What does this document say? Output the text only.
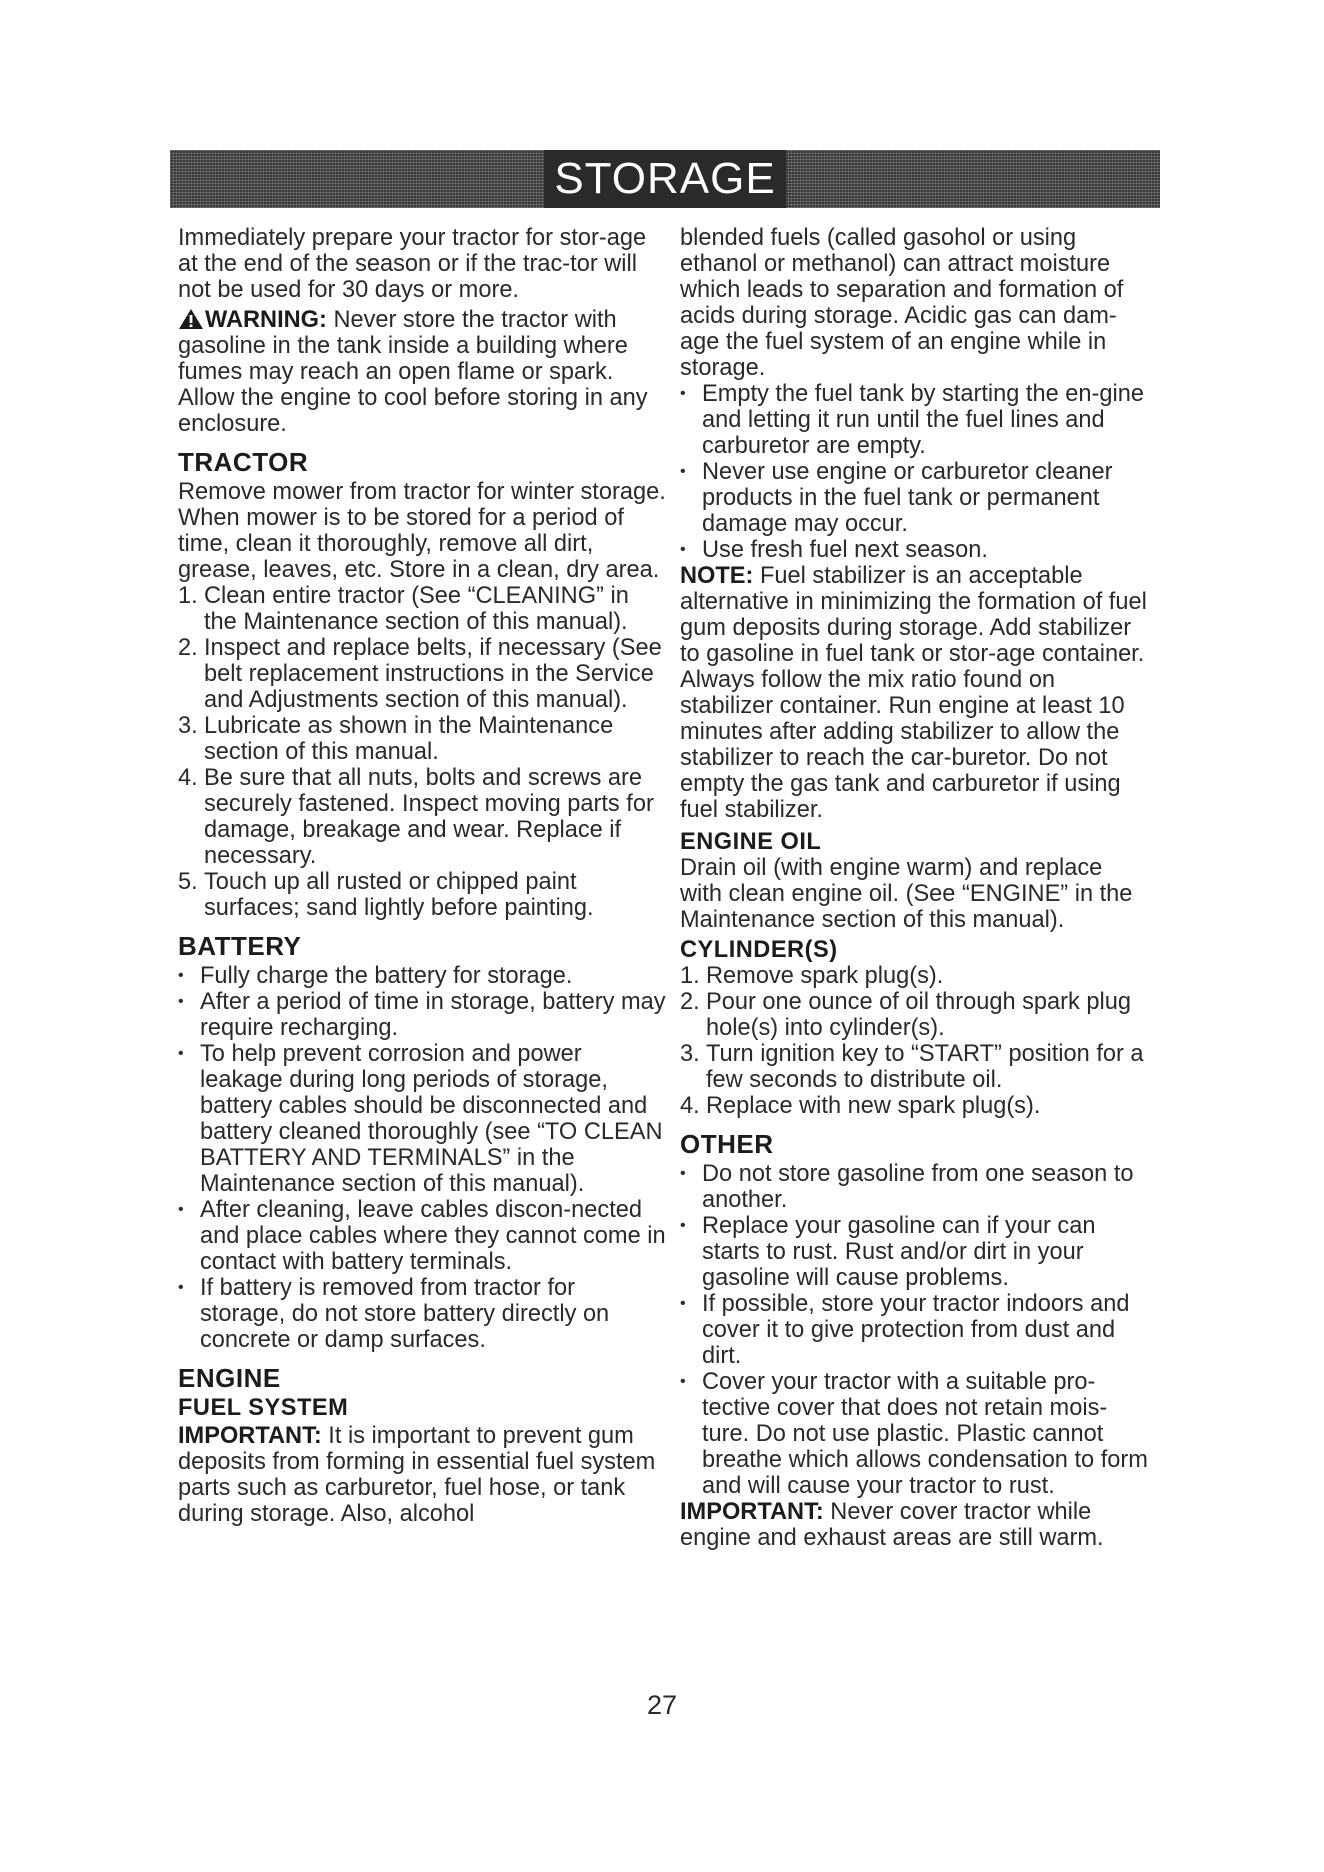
STORAGE

Immediately prepare your tractor for stor-age at the end of the season or if the trac-tor will not be used for 30 days or more.

WARNING: Never store the tractor with gasoline in the tank inside a building where fumes may reach an open flame or spark. Allow the engine to cool before storing in any enclosure.

TRACTOR

Remove mower from tractor for winter storage. When mower is to be stored for a period of time, clean it thoroughly, remove all dirt, grease, leaves, etc. Store in a clean, dry area.

1. Clean entire tractor (See “CLEANING” in the Maintenance section of this manual).
2. Inspect and replace belts, if necessary (See belt replacement instructions in the Service and Adjustments section of this manual).
3. Lubricate as shown in the Maintenance section of this manual.
4. Be sure that all nuts, bolts and screws are securely fastened. Inspect moving parts for damage, breakage and wear. Replace if necessary.
5. Touch up all rusted or chipped paint surfaces; sand lightly before painting.
BATTERY
• Fully charge the battery for storage.
• After a period of time in storage, battery may require recharging.
• To help prevent corrosion and power leakage during long periods of storage, battery cables should be disconnected and battery cleaned thoroughly (see “TO CLEAN BATTERY AND TERMINALS” in the Maintenance section of this manual).
• After cleaning, leave cables discon-nected and place cables where they cannot come in contact with battery terminals.
• If battery is removed from tractor for storage, do not store battery directly on concrete or damp surfaces.
ENGINE
FUEL SYSTEM

IMPORTANT: It is important to prevent gum deposits from forming in essential fuel system parts such as carburetor, fuel hose, or tank during storage. Also, alcohol

blended fuels (called gasohol or using ethanol or methanol) can attract moisture which leads to separation and formation of acids during storage. Acidic gas can dam-age the fuel system of an engine while in storage.

• Empty the fuel tank by starting the en-gine and letting it run until the fuel lines and carburetor are empty.
• Never use engine or carburetor cleaner products in the fuel tank or permanent damage may occur.
• Use fresh fuel next season.

NOTE: Fuel stabilizer is an acceptable alternative in minimizing the formation of fuel gum deposits during storage. Add stabilizer to gasoline in fuel tank or stor-age container. Always follow the mix ratio found on stabilizer container. Run engine at least 10 minutes after adding stabilizer to allow the stabilizer to reach the car-buretor. Do not empty the gas tank and carburetor if using fuel stabilizer.

ENGINE OIL

Drain oil (with engine warm) and replace with clean engine oil. (See “ENGINE” in the Maintenance section of this manual).

CYLINDER(S)
1. Remove spark plug(s).
2. Pour one ounce of oil through spark plug hole(s) into cylinder(s).
3. Turn ignition key to “START” position for a few seconds to distribute oil.
4. Replace with new spark plug(s).
OTHER
• Do not store gasoline from one season to another.
• Replace your gasoline can if your can starts to rust. Rust and/or dirt in your gasoline will cause problems.
• If possible, store your tractor indoors and cover it to give protection from dust and dirt.
• Cover your tractor with a suitable pro-tective cover that does not retain mois-ture. Do not use plastic. Plastic cannot breathe which allows condensation to form and will cause your tractor to rust.

IMPORTANT: Never cover tractor while engine and exhaust areas are still warm.

27
